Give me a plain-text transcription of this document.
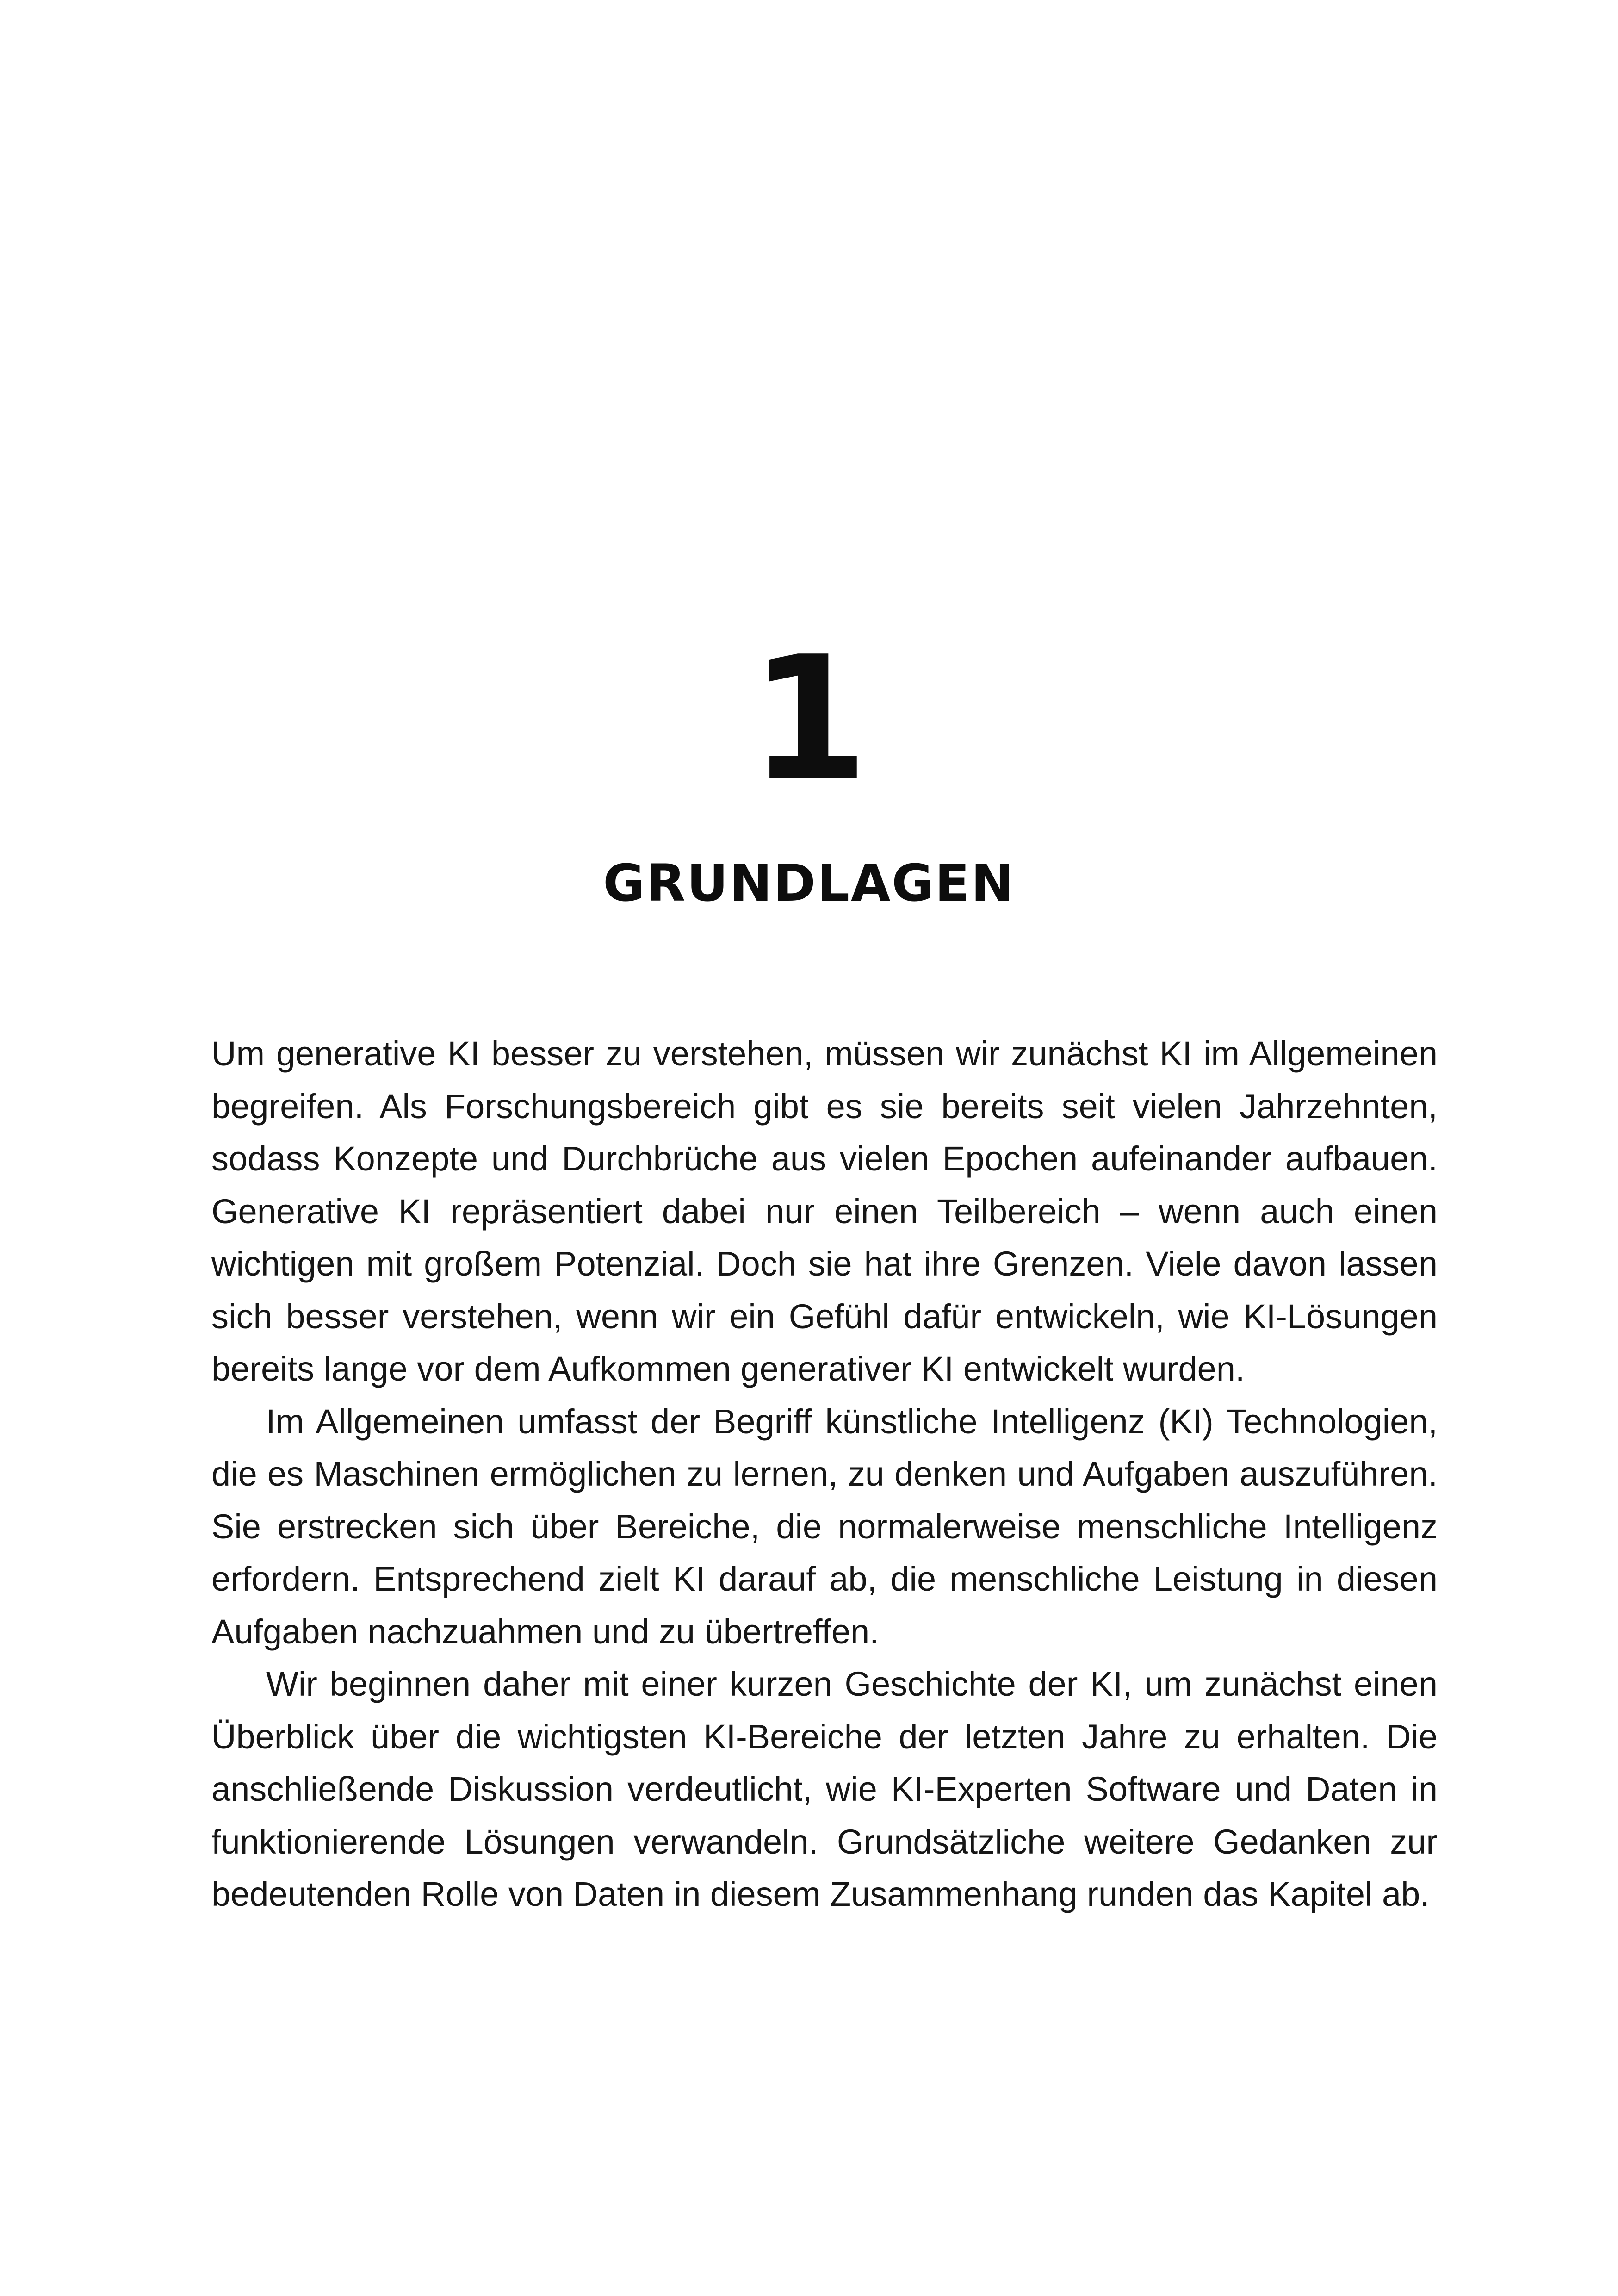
1
GRUNDLAGEN

Um generative KI besser zu verstehen, müssen wir zunächst KI im Allgemeinen begreifen. Als Forschungsbereich gibt es sie bereits seit vielen Jahrzehnten, sodass Konzepte und Durchbrüche aus vielen Epochen aufeinander aufbauen. Generative KI repräsentiert dabei nur einen Teilbereich – wenn auch einen wichtigen mit großem Potenzial. Doch sie hat ihre Grenzen. Viele davon lassen sich besser verstehen, wenn wir ein Gefühl dafür entwickeln, wie KI-Lösungen bereits lange vor dem Aufkommen generativer KI entwickelt wurden.

Im Allgemeinen umfasst der Begriff künstliche Intelligenz (KI) Technologien, die es Maschinen ermöglichen zu lernen, zu denken und Aufgaben auszuführen. Sie erstrecken sich über Bereiche, die normalerweise menschliche Intelligenz erfordern. Entsprechend zielt KI darauf ab, die menschliche Leistung in diesen Aufgaben nachzuahmen und zu übertreffen.

Wir beginnen daher mit einer kurzen Geschichte der KI, um zunächst einen Überblick über die wichtigsten KI-Bereiche der letzten Jahre zu erhalten. Die anschließende Diskussion verdeutlicht, wie KI-Experten Software und Daten in funktionierende Lösungen verwandeln. Grundsätzliche weitere Gedanken zur bedeutenden Rolle von Daten in diesem Zusammenhang runden das Kapitel ab.
